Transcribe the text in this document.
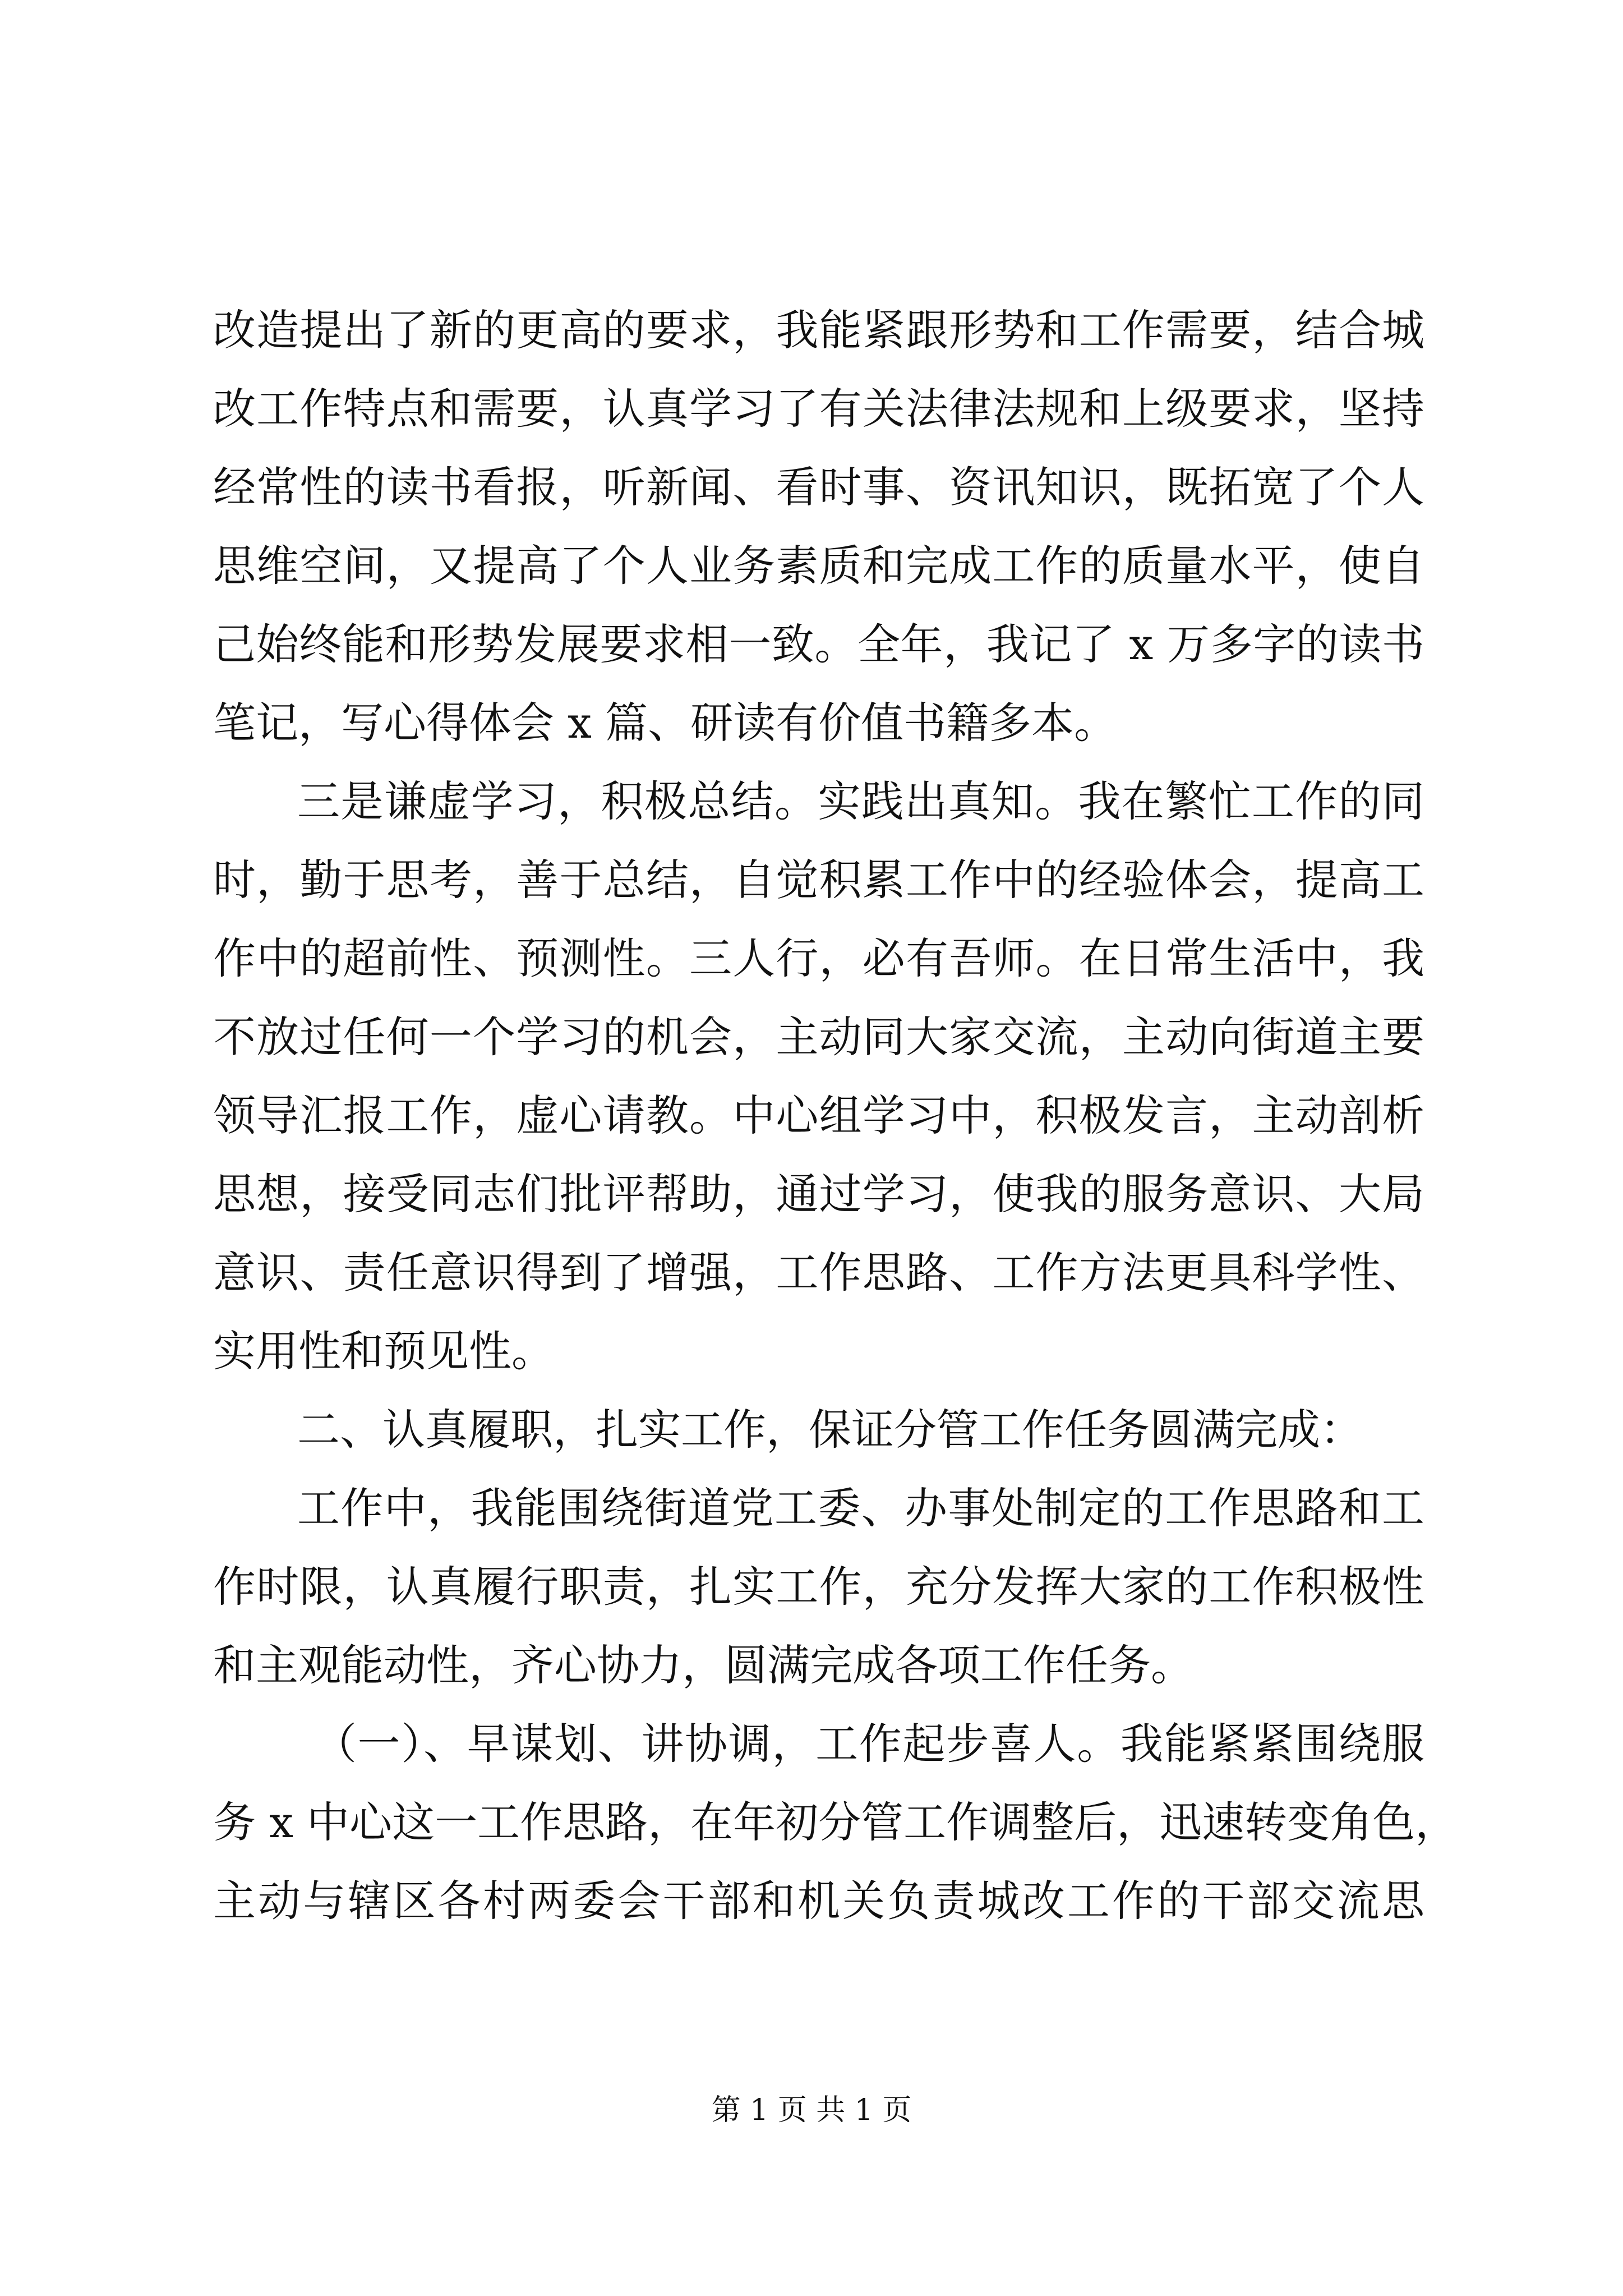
改造提出了新的更高的要求，我能紧跟形势和工作需要，结合城
改工作特点和需要，认真学习了有关法律法规和上级要求，坚持
经常性的读书看报，听新闻、看时事、资讯知识，既拓宽了个人
思维空间，又提高了个人业务素质和完成工作的质量水平，使自
己始终能和形势发展要求相一致。全年，我记了 x 万多字的读书
笔记，写心得体会 x 篇、研读有价值书籍多本。
三是谦虚学习，积极总结。实践出真知。我在繁忙工作的同
时，勤于思考，善于总结，自觉积累工作中的经验体会，提高工
作中的超前性、预测性。三人行，必有吾师。在日常生活中，我
不放过任何一个学习的机会，主动同大家交流，主动向街道主要
领导汇报工作，虚心请教。中心组学习中，积极发言，主动剖析
思想，接受同志们批评帮助，通过学习，使我的服务意识、大局
意识、责任意识得到了增强，工作思路、工作方法更具科学性、
实用性和预见性。
二、认真履职，扎实工作，保证分管工作任务圆满完成：
工作中，我能围绕街道党工委、办事处制定的工作思路和工
作时限，认真履行职责，扎实工作，充分发挥大家的工作积极性
和主观能动性，齐心协力，圆满完成各项工作任务。
（一）、早谋划、讲协调，工作起步喜人。我能紧紧围绕服
务 x 中心这一工作思路，在年初分管工作调整后，迅速转变角色，
主动与辖区各村两委会干部和机关负责城改工作的干部交流思
第 1 页 共 1 页
